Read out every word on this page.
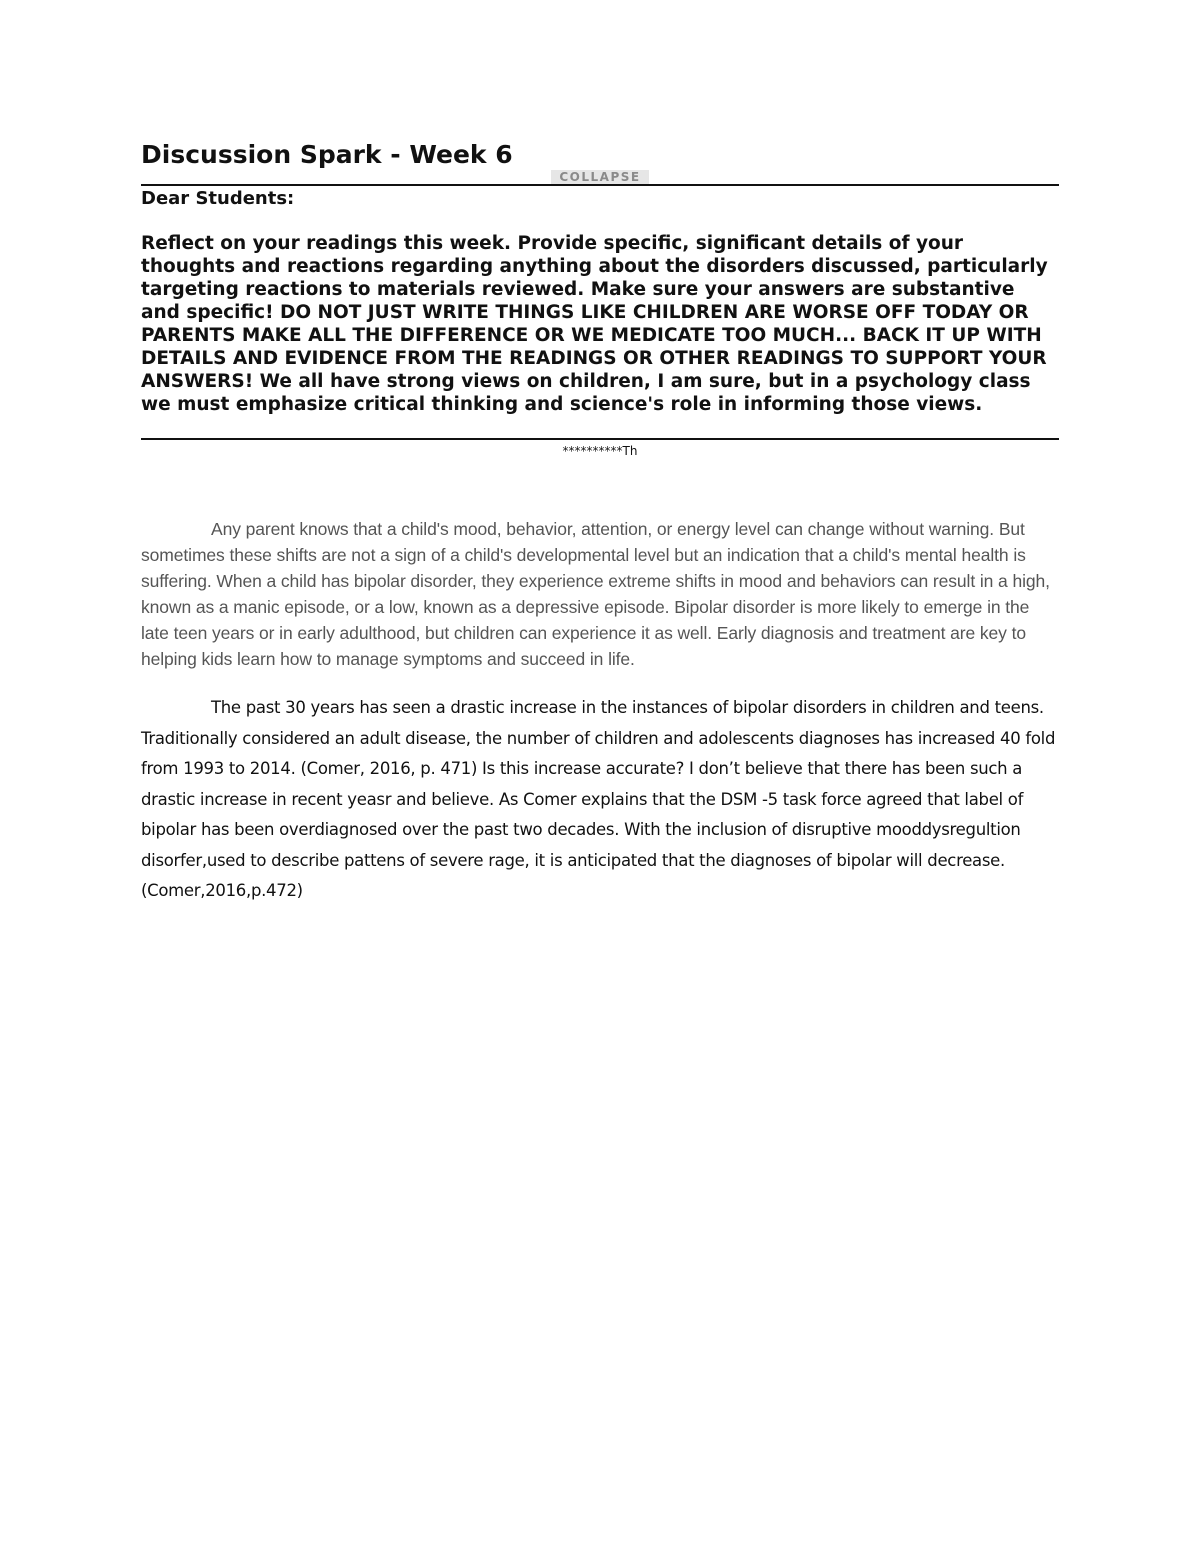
Discussion Spark - Week 6
COLLAPSE

Dear Students:

Reflect on your readings this week. Provide specific, significant details of your thoughts and reactions regarding anything about the disorders discussed, particularly targeting reactions to materials reviewed. Make sure your answers are substantive and specific! DO NOT JUST WRITE THINGS LIKE CHILDREN ARE WORSE OFF TODAY OR PARENTS MAKE ALL THE DIFFERENCE OR WE MEDICATE TOO MUCH... BACK IT UP WITH DETAILS AND EVIDENCE FROM THE READINGS OR OTHER READINGS TO SUPPORT YOUR ANSWERS! We all have strong views on children, I am sure, but in a psychology class we must emphasize critical thinking and science's role in informing those views.

**********Th

Any parent knows that a child's mood, behavior, attention, or energy level can change without warning. But sometimes these shifts are not a sign of a child's developmental level but an indication that a child's mental health is suffering. When a child has bipolar disorder, they experience extreme shifts in mood and behaviors can result in a high, known as a manic episode, or a low, known as a depressive episode. Bipolar disorder is more likely to emerge in the late teen years or in early adulthood, but children can experience it as well. Early diagnosis and treatment are key to helping kids learn how to manage symptoms and succeed in life.

The past 30 years has seen a drastic increase in the instances of bipolar disorders in children and teens. Traditionally considered an adult disease, the number of children and adolescents diagnoses has increased 40 fold from 1993 to 2014. (Comer, 2016, p. 471) Is this increase accurate? I don’t believe that there has been such a drastic increase in recent yeasr and believe. As Comer explains that the DSM -5 task force agreed that label of bipolar has been overdiagnosed over the past two decades. With the inclusion of disruptive mooddysregultion disorfer,used to describe pattens of severe rage, it is anticipated that the diagnoses of bipolar will decrease. (Comer,2016,p.472)
